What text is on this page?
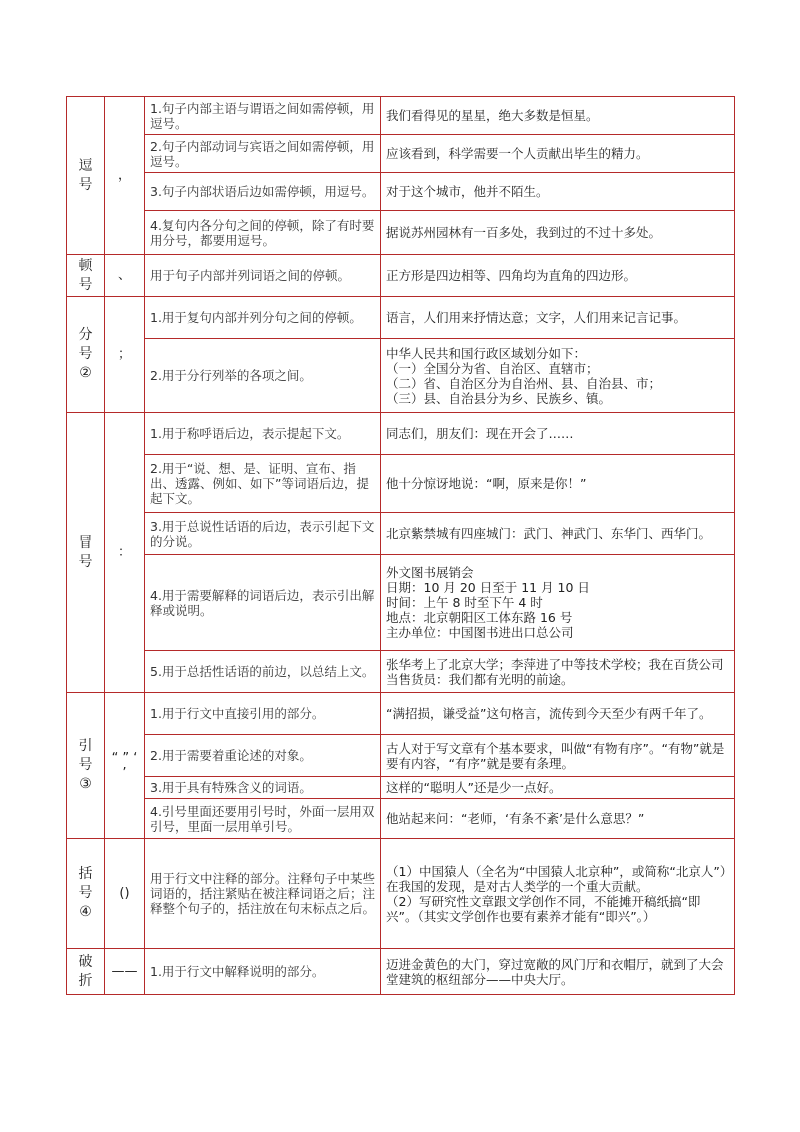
逗号	，	1.句子内部主语与谓语之间如需停顿，用逗号。	我们看得见的星星，绝大多数是恒星。
		2.句子内部动词与宾语之间如需停顿，用逗号。	应该看到，科学需要一个人贡献出毕生的精力。
		3.句子内部状语后边如需停顿，用逗号。	对于这个城市，他并不陌生。
		4.复句内各分句之间的停顿，除了有时要用分号，都要用逗号。	据说苏州园林有一百多处，我到过的不过十多处。
顿号	、	用于句子内部并列词语之间的停顿。	正方形是四边相等、四角均为直角的四边形。
分号②	；	1.用于复句内部并列分句之间的停顿。	语言，人们用来抒情达意；文字，人们用来记言记事。
		2.用于分行列举的各项之间。	中华人民共和国行政区域划分如下：
（一）全国分为省、自治区、直辖市；
（二）省、自治区分为自治州、县、自治县、市；
（三）县、自治县分为乡、民族乡、镇。

冒号	：	1.用于称呼语后边，表示提起下文。	同志们，朋友们：现在开会了……
		2.用于“说、想、是、证明、宣布、指出、透露、例如、如下”等词语后边，提起下文。	他十分惊讶地说：“啊，原来是你！”
		3.用于总说性话语的后边，表示引起下文的分说。	北京紫禁城有四座城门：武门、神武门、东华门、西华门。
		4.用于需要解释的词语后边，表示引出解释或说明。	外文图书展销会
日期：10 月 20 日至于 11 月 10 日
时间：上午 8 时至下午 4 时
地点：北京朝阳区工体东路 16 号
主办单位：中国图书进出口总公司

		5.用于总括性话语的前边，以总结上文。	张华考上了北京大学；李萍进了中等技术学校；我在百货公司当售货员：我们都有光明的前途。
引号③	“ ” ‘ ’	1.用于行文中直接引用的部分。	“满招损，谦受益”这句格言，流传到今天至少有两千年了。
		2.用于需要着重论述的对象。	古人对于写文章有个基本要求，叫做“有物有序”。“有物”就是要有内容，“有序”就是要有条理。
		3.用于具有特殊含义的词语。	这样的“聪明人”还是少一点好。
		4.引号里面还要用引号时，外面一层用双引号，里面一层用单引号。	他站起来问：“老师，‘有条不紊’是什么意思？”
括号④	()	用于行文中注释的部分。注释句子中某些词语的，括注紧贴在被注释词语之后；注释整个句子的，括注放在句末标点之后。	（1）中国猿人（全名为“中国猿人北京种”，或简称“北京人”）在我国的发现，是对古人类学的一个重大贡献。
（2）写研究性文章跟文学创作不同，不能摊开稿纸搞“即兴”。（其实文学创作也要有素养才能有“即兴”。）

破折	——	1.用于行文中解释说明的部分。	迈进金黄色的大门，穿过宽敞的风门厅和衣帽厅，就到了大会堂建筑的枢纽部分——中央大厅。
